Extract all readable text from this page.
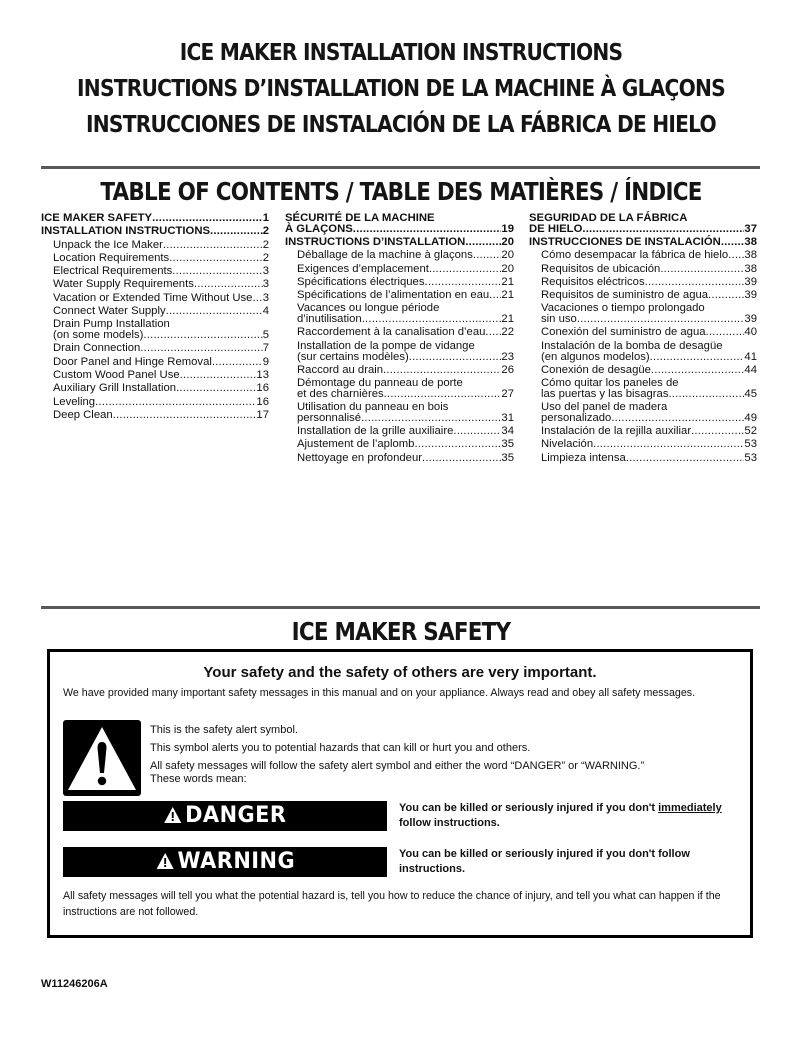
ICE MAKER INSTALLATION INSTRUCTIONS
INSTRUCTIONS D’INSTALLATION DE LA MACHINE À GLAÇONS
INSTRUCCIONES DE INSTALACIÓN DE LA FÁBRICA DE HIELO
TABLE OF CONTENTS / TABLE DES MATIÈRES / ÍNDICE
ICE MAKER SAFETY .....	1
INSTALLATION INSTRUCTIONS .....	2
Unpack the Ice Maker .....	2
Location Requirements .....	2
Electrical Requirements .....	3
Water Supply Requirements .....	3
Vacation or Extended Time Without Use ..... 3
Connect Water Supply .....	4
Drain Pump Installation
(on some models) .....	5
Drain Connection .....	7
Door Panel and Hinge Removal .....	9
Custom Wood Panel Use .....	13
Auxiliary Grill Installation .....	16
Leveling .....	16
Deep Clean .....	17
SÉCURITÉ DE LA MACHINE
À GLAÇONS .....	19
INSTRUCTIONS D’INSTALLATION .....	20
Déballage de la machine à glaçons .....	20
Exigences d’emplacement .....	20
Spécifications électriques .....	21
Spécifications de l’alimentation en eau ..... 21
Vacances ou longue période
d’inutilisation .....	21
Raccordement à la canalisation d’eau ..... 22
Installation de la pompe de vidange
(sur certains modèles) .....	23
Raccord au drain .....	26
Démontage du panneau de porte
et des charnières .....	27
Utilisation du panneau en bois
personnalisé .....	31
Installation de la grille auxiliaire .....	34
Ajustement de l’aplomb .....	35
Nettoyage en profondeur .....	35
SEGURIDAD DE LA FÁBRICA
DE HIELO .....	37
INSTRUCCIONES DE INSTALACIÓN ..... 38
Cómo desempacar la fábrica de hielo ..... 38
Requisitos de ubicación .....	38
Requisitos eléctricos .....	39
Requisitos de suministro de agua .....	39
Vacaciones o tiempo prolongado
sin uso .....	39
Conexión del suministro de agua .....	40
Instalación de la bomba de desagüe
(en algunos modelos) .....	41
Conexión de desagüe .....	44
Cómo quitar los paneles de
las puertas y las bisagras .....	45
Uso del panel de madera
personalizado .....	49
Instalación de la rejilla auxiliar .....	52
Nivelación .....	53
Limpieza intensa .....	53
ICE MAKER SAFETY
Your safety and the safety of others are very important.
We have provided many important safety messages in this manual and on your appliance. Always read and obey all safety messages.

This is the safety alert symbol.

This symbol alerts you to potential hazards that can kill or hurt you and others.

All safety messages will follow the safety alert symbol and either the word “DANGER” or “WARNING.”

These words mean:

DANGER	You can be killed or seriously injured if you don't immediately follow instructions.
WARNING	You can be killed or seriously injured if you don't follow instructions.
All safety messages will tell you what the potential hazard is, tell you how to reduce the chance of injury, and tell you what can happen if the instructions are not followed.
W11246206A
